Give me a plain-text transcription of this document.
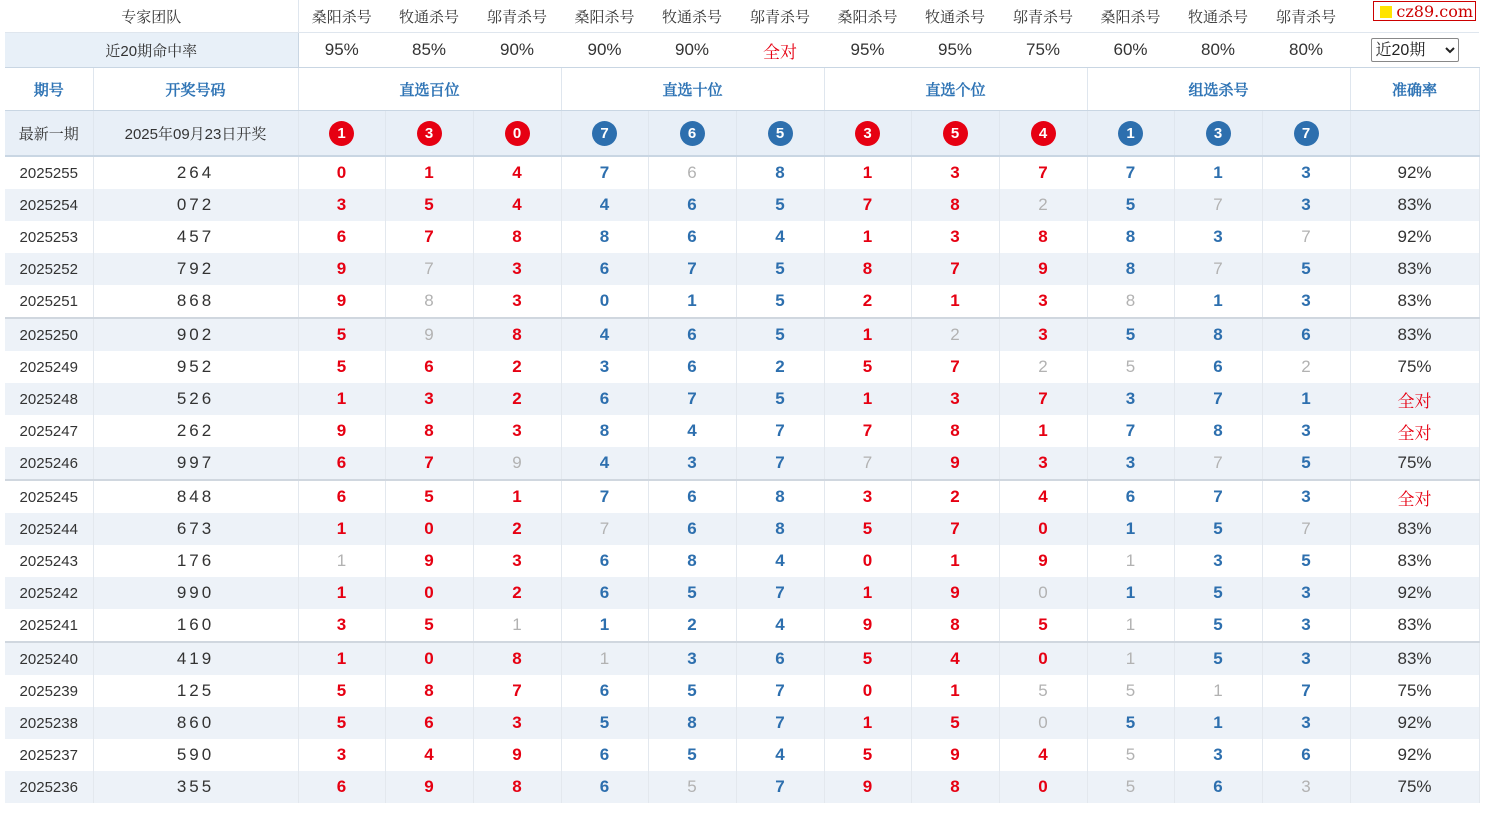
cz89.com
专家团队		桑阳杀号	牧通杀号	邬青杀号	桑阳杀号	牧通杀号	邬青杀号	桑阳杀号	牧通杀号	邬青杀号	桑阳杀号	牧通杀号	邬青杀号	
近20期命中率		95%	85%	90%	90%	90%	全对	95%	95%	75%	60%	80%	80%	
近20期
期号	开奖号码	直选百位			直选十位			直选个位			组选杀号			准确率
最新一期	2025年09月23日开奖	1	3	0	7	6	5	3	5	4	1	3	7	
2025255	264	0	1	4	7	6	8	1	3	7	7	1	3	92%
2025254	072	3	5	4	4	6	5	7	8	2	5	7	3	83%
2025253	457	6	7	8	8	6	4	1	3	8	8	3	7	92%
2025252	792	9	7	3	6	7	5	8	7	9	8	7	5	83%
2025251	868	9	8	3	0	1	5	2	1	3	8	1	3	83%
2025250	902	5	9	8	4	6	5	1	2	3	5	8	6	83%
2025249	952	5	6	2	3	6	2	5	7	2	5	6	2	75%
2025248	526	1	3	2	6	7	5	1	3	7	3	7	1	全对
2025247	262	9	8	3	8	4	7	7	8	1	7	8	3	全对
2025246	997	6	7	9	4	3	7	7	9	3	3	7	5	75%
2025245	848	6	5	1	7	6	8	3	2	4	6	7	3	全对
2025244	673	1	0	2	7	6	8	5	7	0	1	5	7	83%
2025243	176	1	9	3	6	8	4	0	1	9	1	3	5	83%
2025242	990	1	0	2	6	5	7	1	9	0	1	5	3	92%
2025241	160	3	5	1	1	2	4	9	8	5	1	5	3	83%
2025240	419	1	0	8	1	3	6	5	4	0	1	5	3	83%
2025239	125	5	8	7	6	5	7	0	1	5	5	1	7	75%
2025238	860	5	6	3	5	8	7	1	5	0	5	1	3	92%
2025237	590	3	4	9	6	5	4	5	9	4	5	3	6	92%
2025236	355	6	9	8	6	5	7	9	8	0	5	6	3	75%
